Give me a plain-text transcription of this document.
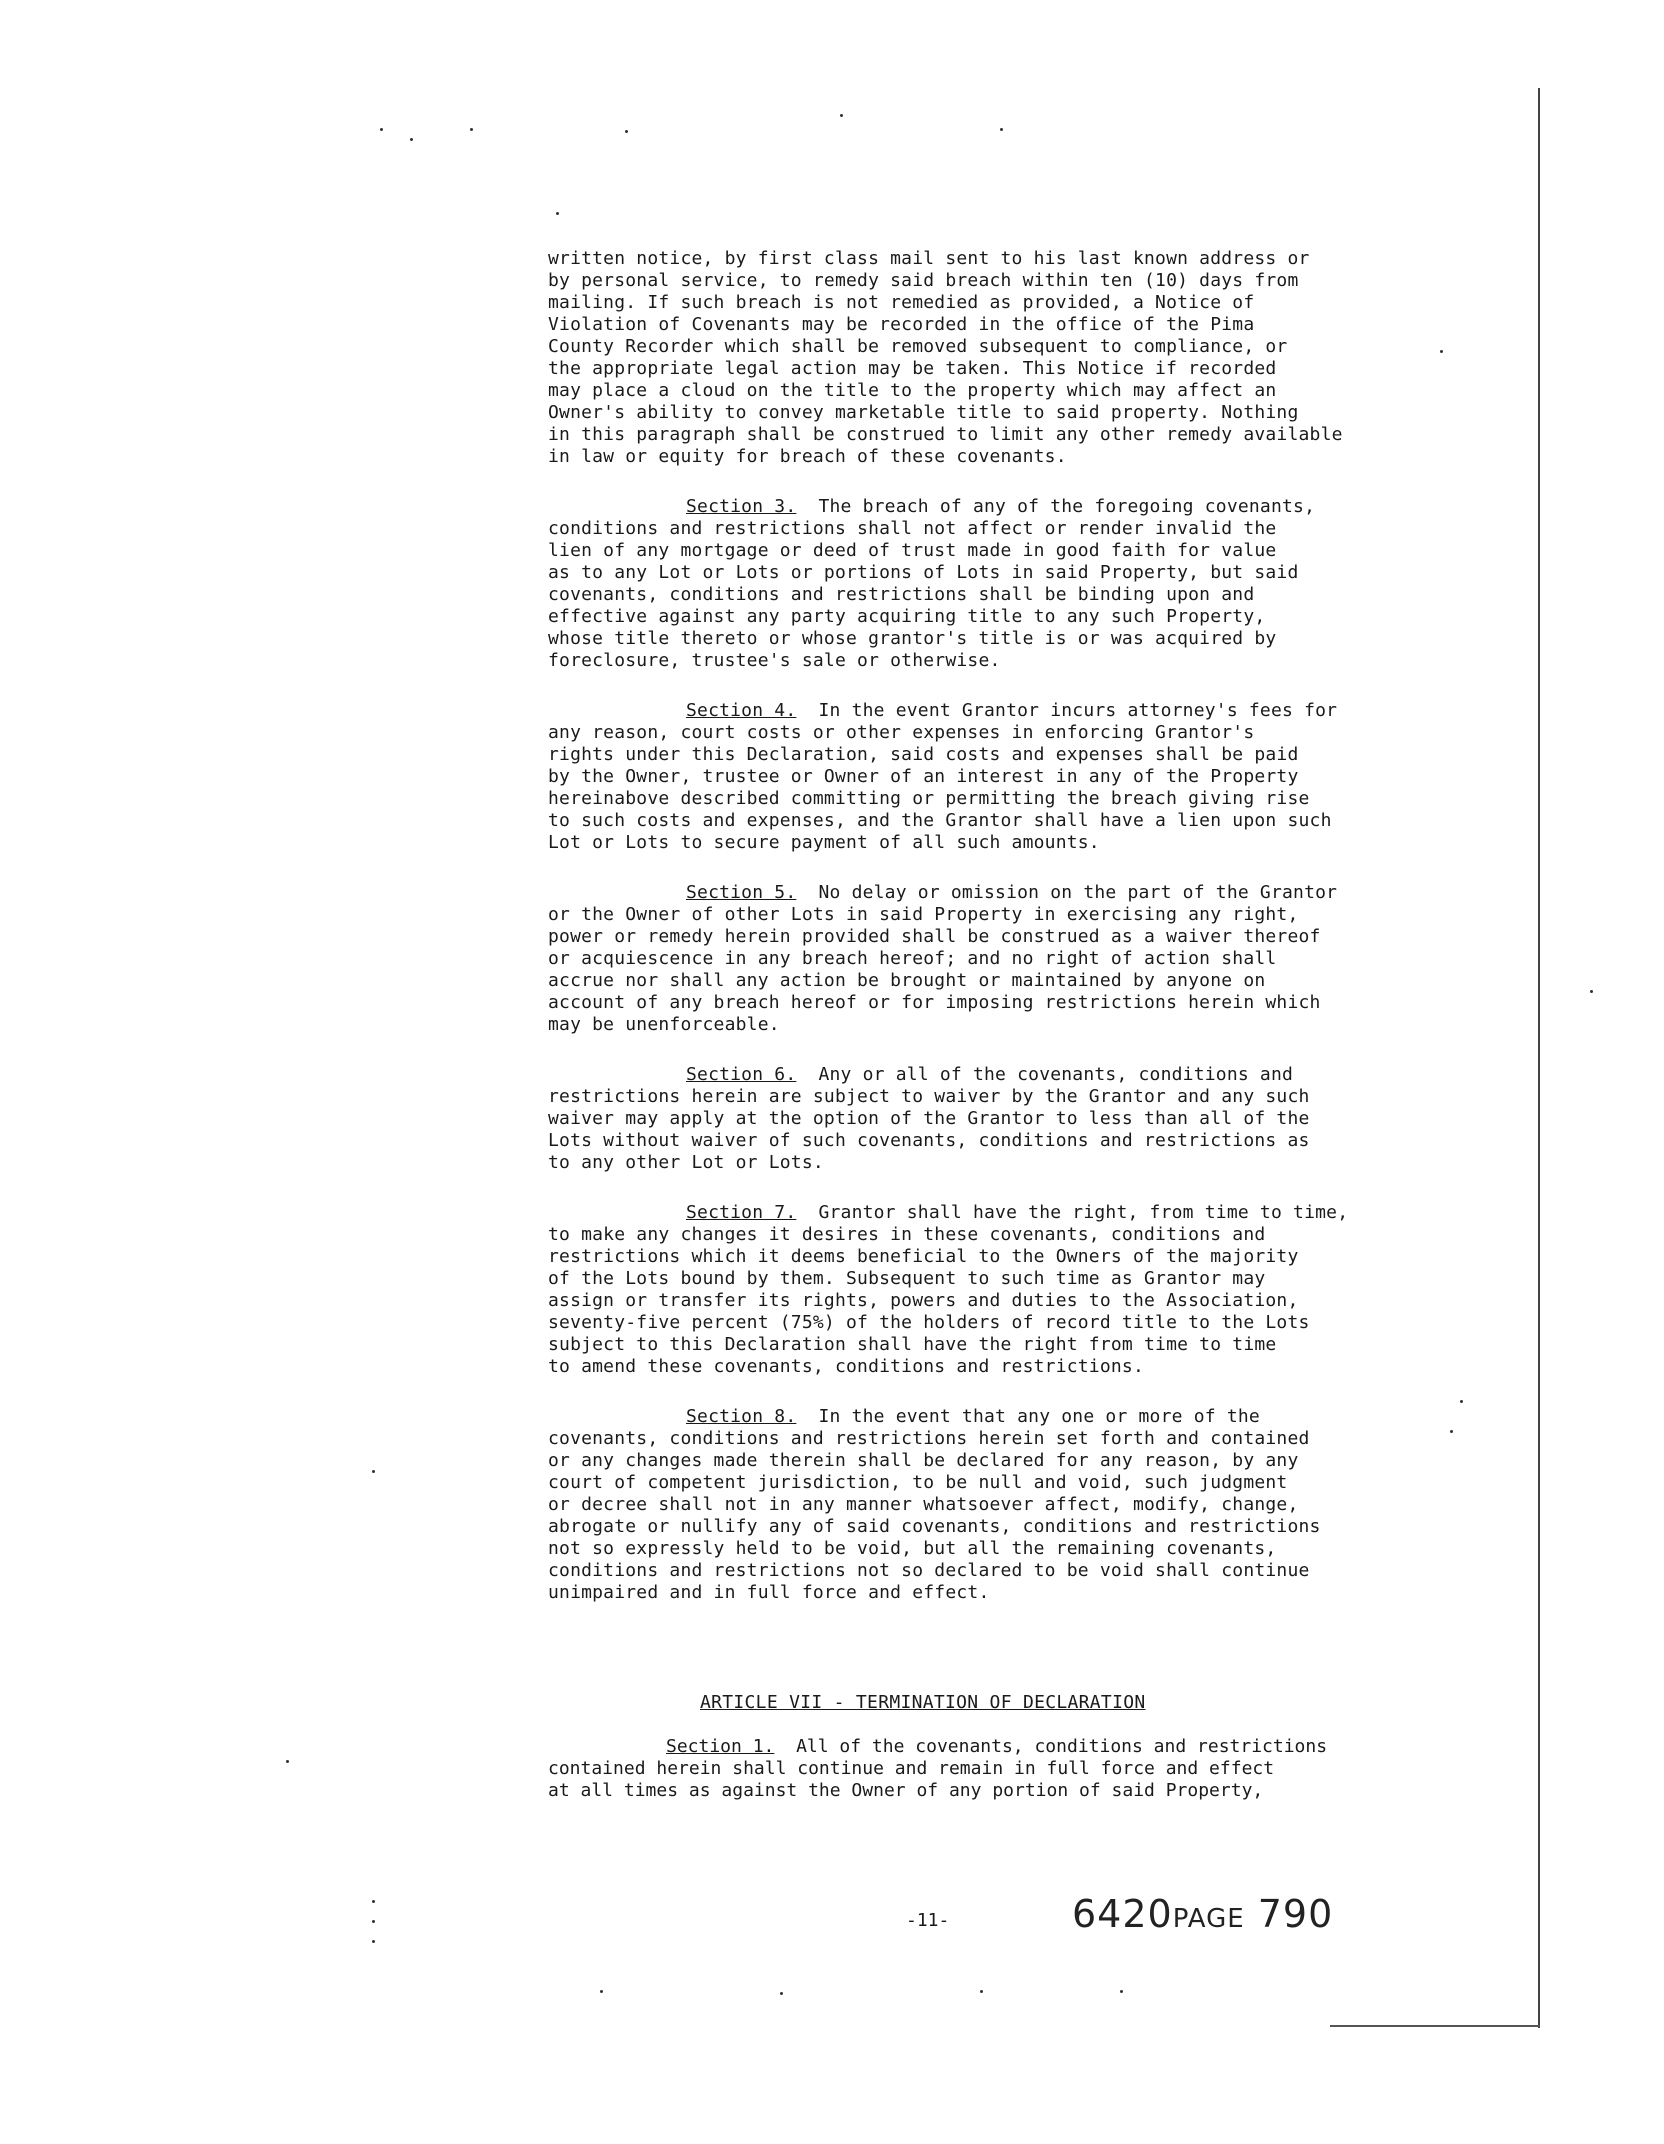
written notice, by first class mail sent to his last known address or
by personal service, to remedy said breach within ten (10) days from
mailing. If such breach is not remedied as provided, a Notice of
Violation of Covenants may be recorded in the office of the Pima
County Recorder which shall be removed subsequent to compliance, or
the appropriate legal action may be taken. This Notice if recorded
may place a cloud on the title to the property which may affect an
Owner's ability to convey marketable title to said property. Nothing
in this paragraph shall be construed to limit any other remedy available
in law or equity for breach of these covenants.
Section 3. The breach of any of the foregoing covenants,
conditions and restrictions shall not affect or render invalid the
lien of any mortgage or deed of trust made in good faith for value
as to any Lot or Lots or portions of Lots in said Property, but said
covenants, conditions and restrictions shall be binding upon and
effective against any party acquiring title to any such Property,
whose title thereto or whose grantor's title is or was acquired by
foreclosure, trustee's sale or otherwise.
Section 4. In the event Grantor incurs attorney's fees for
any reason, court costs or other expenses in enforcing Grantor's
rights under this Declaration, said costs and expenses shall be paid
by the Owner, trustee or Owner of an interest in any of the Property
hereinabove described committing or permitting the breach giving rise
to such costs and expenses, and the Grantor shall have a lien upon such
Lot or Lots to secure payment of all such amounts.
Section 5. No delay or omission on the part of the Grantor
or the Owner of other Lots in said Property in exercising any right,
power or remedy herein provided shall be construed as a waiver thereof
or acquiescence in any breach hereof; and no right of action shall
accrue nor shall any action be brought or maintained by anyone on
account of any breach hereof or for imposing restrictions herein which
may be unenforceable.
Section 6. Any or all of the covenants, conditions and
restrictions herein are subject to waiver by the Grantor and any such
waiver may apply at the option of the Grantor to less than all of the
Lots without waiver of such covenants, conditions and restrictions as
to any other Lot or Lots.
Section 7. Grantor shall have the right, from time to time,
to make any changes it desires in these covenants, conditions and
restrictions which it deems beneficial to the Owners of the majority
of the Lots bound by them. Subsequent to such time as Grantor may
assign or transfer its rights, powers and duties to the Association,
seventy-five percent (75%) of the holders of record title to the Lots
subject to this Declaration shall have the right from time to time
to amend these covenants, conditions and restrictions.
Section 8. In the event that any one or more of the
covenants, conditions and restrictions herein set forth and contained
or any changes made therein shall be declared for any reason, by any
court of competent jurisdiction, to be null and void, such judgment
or decree shall not in any manner whatsoever affect, modify, change,
abrogate or nullify any of said covenants, conditions and restrictions
not so expressly held to be void, but all the remaining covenants,
conditions and restrictions not so declared to be void shall continue
unimpaired and in full force and effect.
ARTICLE VII - TERMINATION OF DECLARATION
Section 1. All of the covenants, conditions and restrictions
contained herein shall continue and remain in full force and effect
at all times as against the Owner of any portion of said Property,
-11-	6420PAGE 790
